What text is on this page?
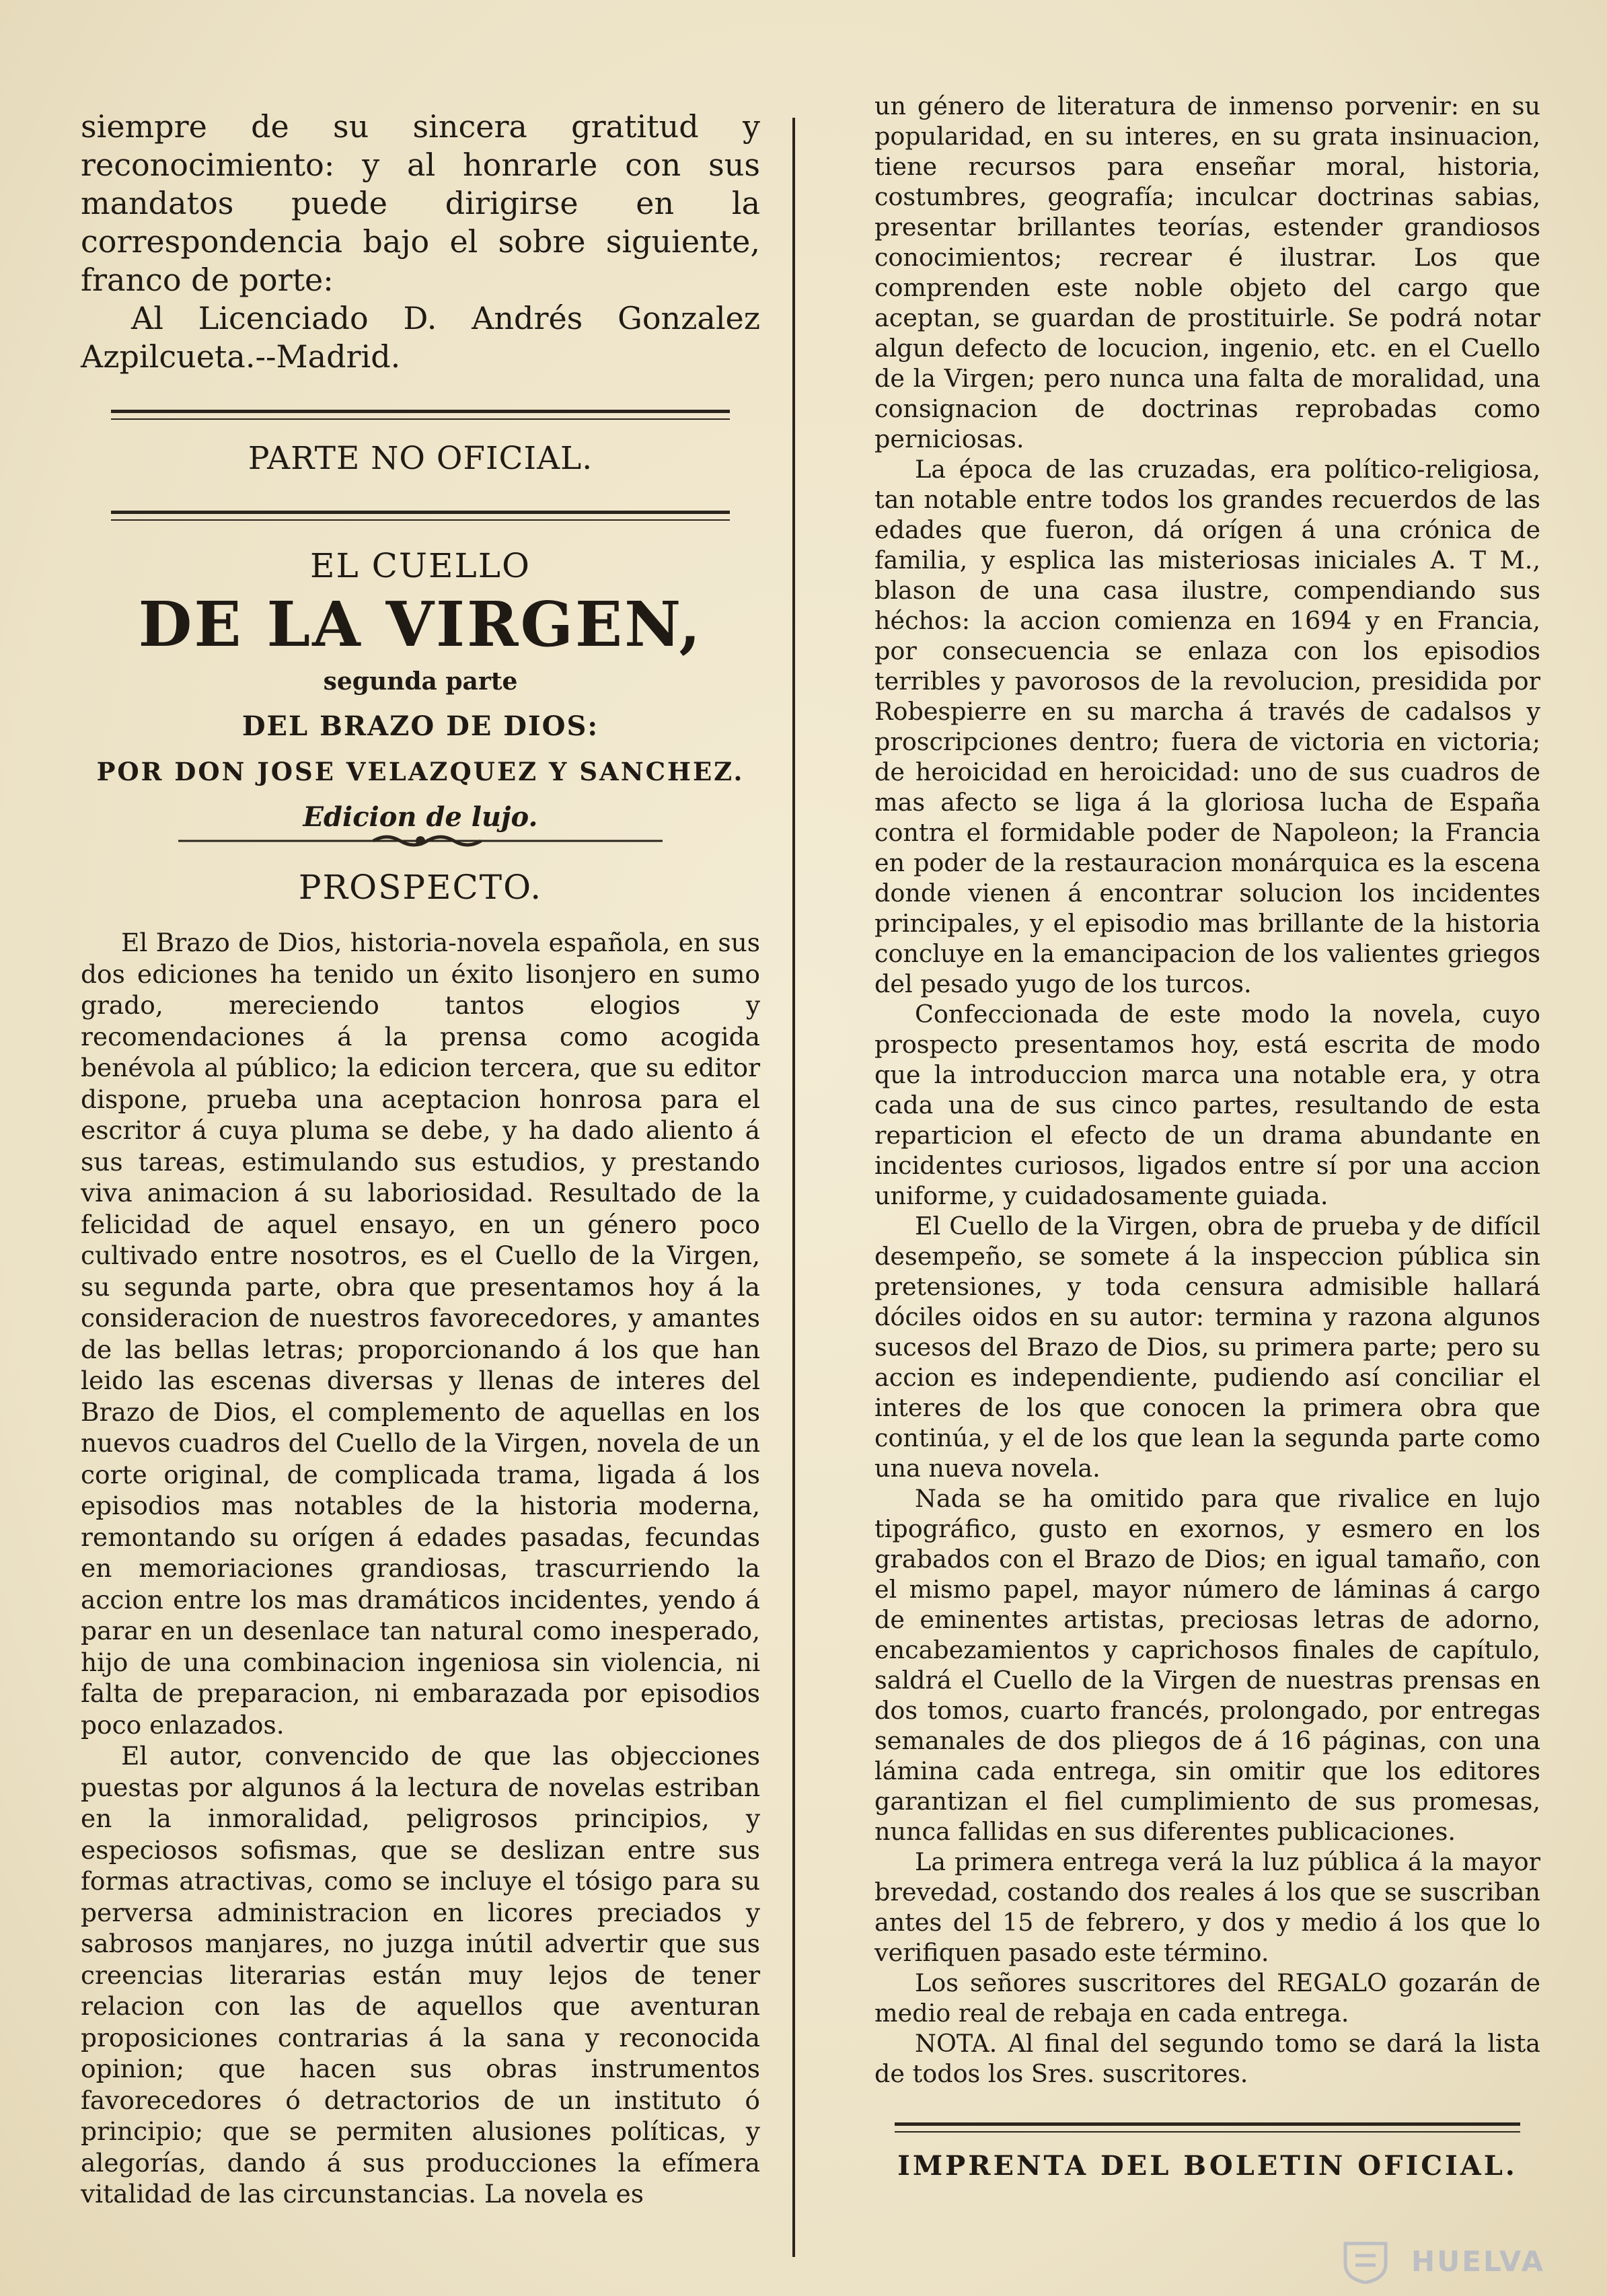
siempre de su sincera gratitud y reconocimiento: y al honrarle con sus mandatos puede dirigirse en la correspondencia bajo el sobre siguiente, franco de porte:

Al Licenciado D. Andrés Gonzalez Azpilcueta.--Madrid.

PARTE NO OFICIAL.

EL CUELLO

DE LA VIRGEN,

segunda parte

DEL BRAZO DE DIOS:

POR DON JOSE VELAZQUEZ Y SANCHEZ.

Edicion de lujo.

PROSPECTO.

El Brazo de Dios, historia-novela española, en sus dos ediciones ha tenido un éxito lisonjero en sumo grado, mereciendo tantos elogios y recomendaciones á la prensa como acogida benévola al público; la edicion tercera, que su editor dispone, prueba una aceptacion honrosa para el escritor á cuya pluma se debe, y ha dado aliento á sus tareas, estimulando sus estudios, y prestando viva animacion á su laboriosidad. Resultado de la felicidad de aquel ensayo, en un género poco cultivado entre nosotros, es el Cuello de la Virgen, su segunda parte, obra que presentamos hoy á la consideracion de nuestros favorecedores, y amantes de las bellas letras; proporcionando á los que han leido las escenas diversas y llenas de interes del Brazo de Dios, el complemento de aquellas en los nuevos cuadros del Cuello de la Virgen, novela de un corte original, de complicada trama, ligada á los episodios mas notables de la historia moderna, remontando su orígen á edades pasadas, fecundas en memoriaciones grandiosas, trascurriendo la accion entre los mas dramáticos incidentes, yendo á parar en un desenlace tan natural como inesperado, hijo de una combinacion ingeniosa sin violencia, ni falta de preparacion, ni embarazada por episodios poco enlazados.

El autor, convencido de que las objecciones puestas por algunos á la lectura de novelas estriban en la inmoralidad, peligrosos principios, y especiosos sofismas, que se deslizan entre sus formas atractivas, como se incluye el tósigo para su perversa administracion en licores preciados y sabrosos manjares, no juzga inútil advertir que sus creencias literarias están muy lejos de tener relacion con las de aquellos que aventuran proposiciones contrarias á la sana y reconocida opinion; que hacen sus obras instrumentos favorecedores ó detractorios de un instituto ó principio; que se permiten alusiones políticas, y alegorías, dando á sus producciones la efímera vitalidad de las circunstancias. La novela es

un género de literatura de inmenso porvenir: en su popularidad, en su interes, en su grata insinuacion, tiene recursos para enseñar moral, historia, costumbres, geografía; inculcar doctrinas sabias, presentar brillantes teorías, estender grandiosos conocimientos; recrear é ilustrar. Los que comprenden este noble objeto del cargo que aceptan, se guardan de prostituirle. Se podrá notar algun defecto de locucion, ingenio, etc. en el Cuello de la Virgen; pero nunca una falta de moralidad, una consignacion de doctrinas reprobadas como perniciosas.

La época de las cruzadas, era político-religiosa, tan notable entre todos los grandes recuerdos de las edades que fueron, dá orígen á una crónica de familia, y esplica las misteriosas iniciales A. T M., blason de una casa ilustre, compendiando sus héchos: la accion comienza en 1694 y en Francia, por consecuencia se enlaza con los episodios terribles y pavorosos de la revolucion, presidida por Robespierre en su marcha á través de cadalsos y proscripciones dentro; fuera de victoria en victoria; de heroicidad en heroicidad: uno de sus cuadros de mas afecto se liga á la gloriosa lucha de España contra el formidable poder de Napoleon; la Francia en poder de la restauracion monárquica es la escena donde vienen á encontrar solucion los incidentes principales, y el episodio mas brillante de la historia concluye en la emancipacion de los valientes griegos del pesado yugo de los turcos.

Confeccionada de este modo la novela, cuyo prospecto presentamos hoy, está escrita de modo que la introduccion marca una notable era, y otra cada una de sus cinco partes, resultando de esta reparticion el efecto de un drama abundante en incidentes curiosos, ligados entre sí por una accion uniforme, y cuidadosamente guiada.

El Cuello de la Virgen, obra de prueba y de difícil desempeño, se somete á la inspeccion pública sin pretensiones, y toda censura admisible hallará dóciles oidos en su autor: termina y razona algunos sucesos del Brazo de Dios, su primera parte; pero su accion es independiente, pudiendo así conciliar el interes de los que conocen la primera obra que continúa, y el de los que lean la segunda parte como una nueva novela.

Nada se ha omitido para que rivalice en lujo tipográfico, gusto en exornos, y esmero en los grabados con el Brazo de Dios; en igual tamaño, con el mismo papel, mayor número de láminas á cargo de eminentes artistas, preciosas letras de adorno, encabezamientos y caprichosos finales de capítulo, saldrá el Cuello de la Virgen de nuestras prensas en dos tomos, cuarto francés, prolongado, por entregas semanales de dos pliegos de á 16 páginas, con una lámina cada entrega, sin omitir que los editores garantizan el fiel cumplimiento de sus promesas, nunca fallidas en sus diferentes publicaciones.

La primera entrega verá la luz pública á la mayor brevedad, costando dos reales á los que se suscriban antes del 15 de febrero, y dos y medio á los que lo verifiquen pasado este término.

Los señores suscritores del REGALO gozarán de medio real de rebaja en cada entrega.

NOTA. Al final del segundo tomo se dará la lista de todos los Sres. suscritores.

IMPRENTA DEL BOLETIN OFICIAL.

HUELVA
